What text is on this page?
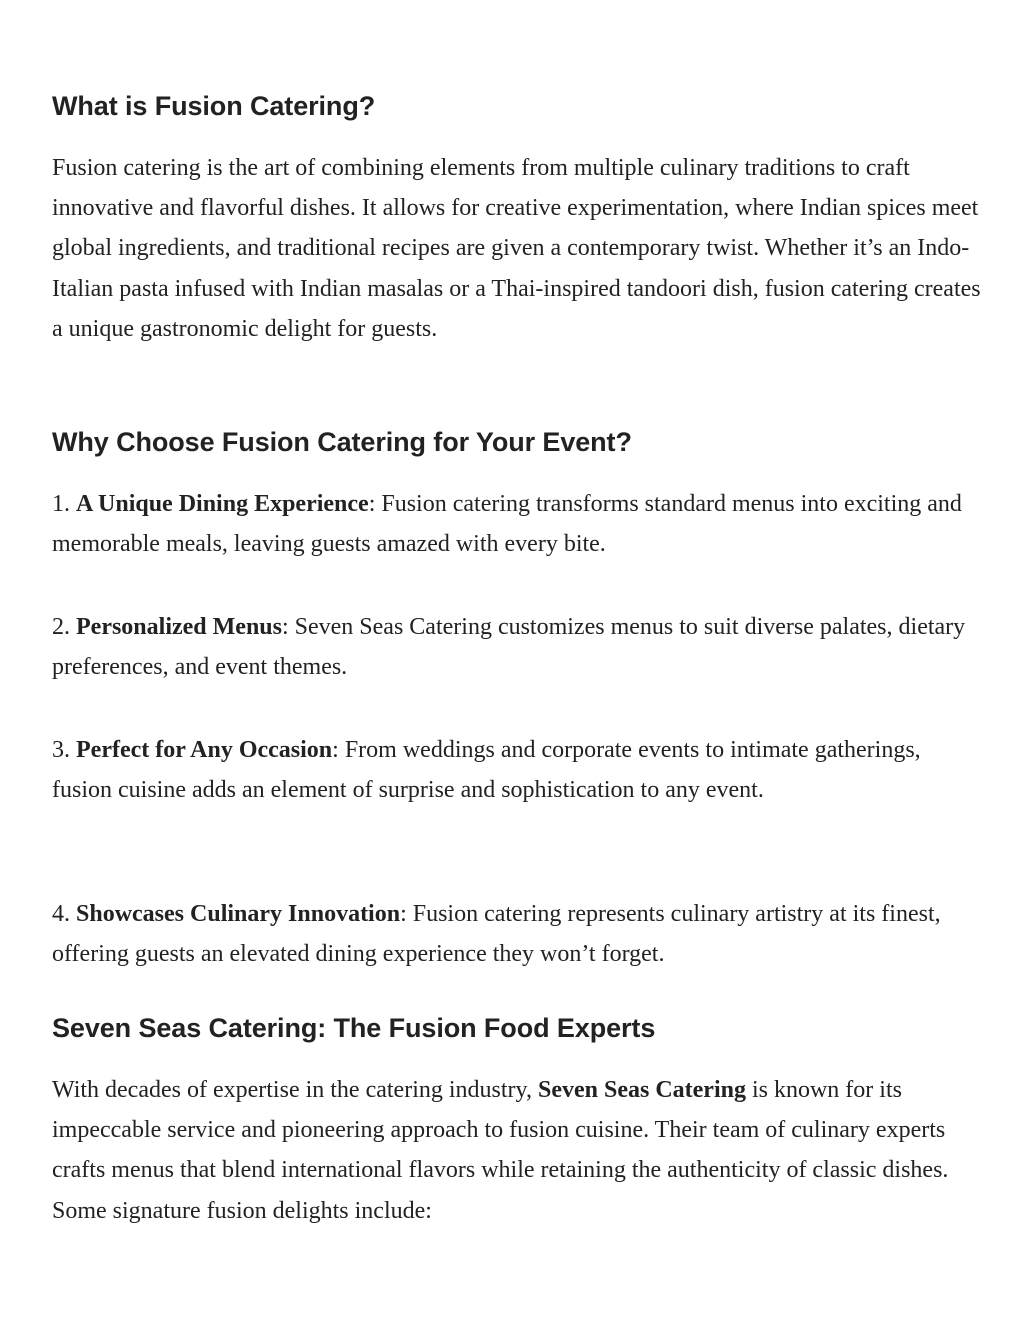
What is Fusion Catering?

Fusion catering is the art of combining elements from multiple culinary traditions to craft innovative and flavorful dishes. It allows for creative experimentation, where Indian spices meet global ingredients, and traditional recipes are given a contemporary twist. Whether it’s an Indo-Italian pasta infused with Indian masalas or a Thai-inspired tandoori dish, fusion catering creates a unique gastronomic delight for guests.

Why Choose Fusion Catering for Your Event?

1. A Unique Dining Experience: Fusion catering transforms standard menus into exciting and memorable meals, leaving guests amazed with every bite.

2. Personalized Menus: Seven Seas Catering customizes menus to suit diverse palates, dietary preferences, and event themes.

3. Perfect for Any Occasion: From weddings and corporate events to intimate gatherings, fusion cuisine adds an element of surprise and sophistication to any event.

4. Showcases Culinary Innovation: Fusion catering represents culinary artistry at its finest, offering guests an elevated dining experience they won’t forget.

Seven Seas Catering: The Fusion Food Experts

With decades of expertise in the catering industry, Seven Seas Catering is known for its impeccable service and pioneering approach to fusion cuisine. Their team of culinary experts crafts menus that blend international flavors while retaining the authenticity of classic dishes. Some signature fusion delights include:
